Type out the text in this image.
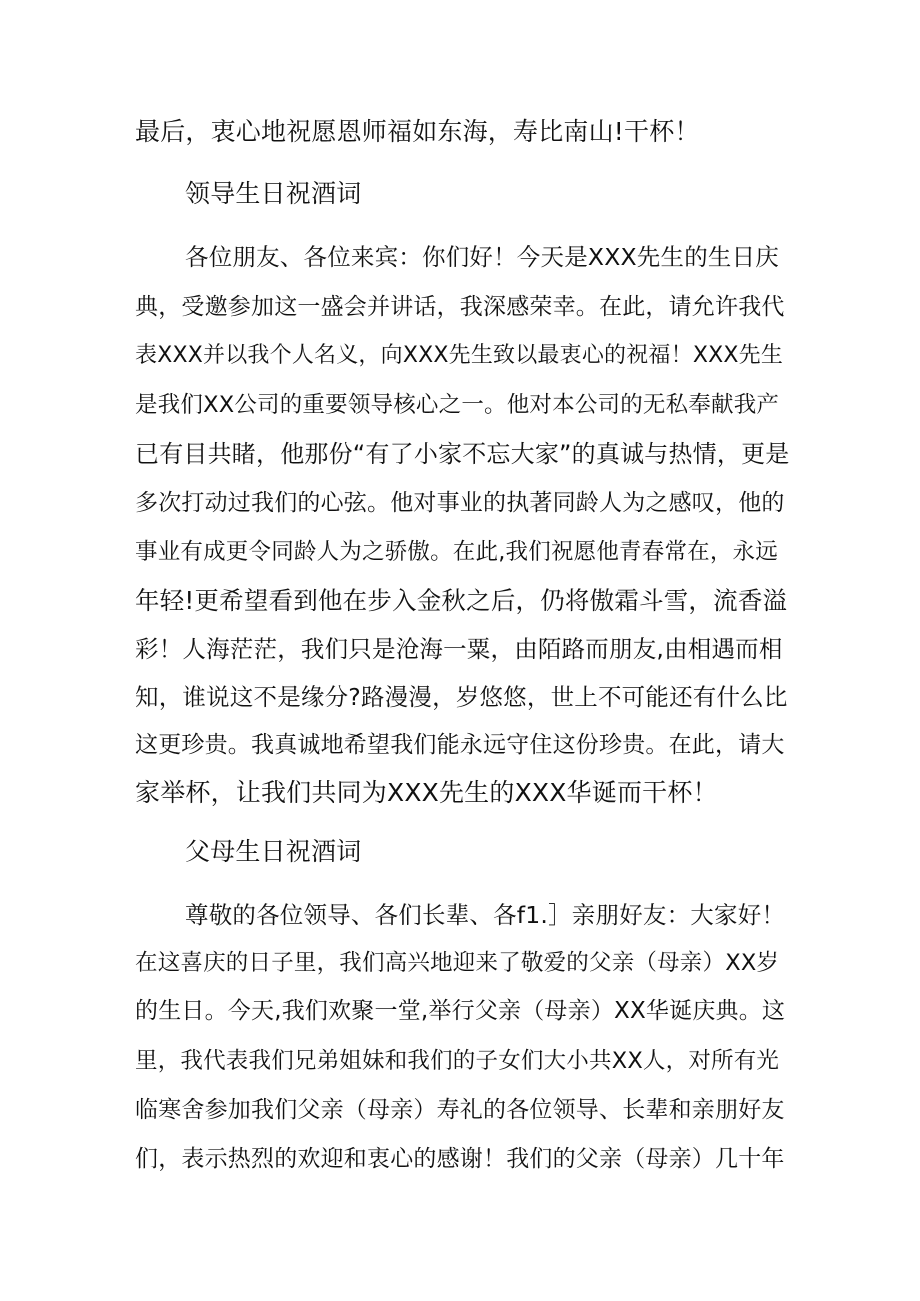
最后，衷心地祝愿恩师福如东海，寿比南山!干杯！

领导生日祝酒词

各位朋友、各位来宾：你们好！今天是XXX先生的生日庆

典，受邀参加这一盛会并讲话，我深感荣幸。在此，请允许我代

表XXX并以我个人名义，向XXX先生致以最衷心的祝福！XXX先生

是我们XX公司的重要领导核心之一。他对本公司的无私奉献我产

已有目共睹，他那份“有了小家不忘大家”的真诚与热情，更是

多次打动过我们的心弦。他对事业的执著同龄人为之感叹，他的

事业有成更令同龄人为之骄傲。在此,我们祝愿他青春常在，永远

年轻!更希望看到他在步入金秋之后，仍将傲霜斗雪，流香溢

彩！人海茫茫，我们只是沧海一粟，由陌路而朋友,由相遇而相

知，谁说这不是缘分?路漫漫，岁悠悠，世上不可能还有什么比

这更珍贵。我真诚地希望我们能永远守住这份珍贵。在此，请大

家举杯，让我们共同为XXX先生的XXX华诞而干杯！

父母生日祝酒词

尊敬的各位领导、各们长辈、各f1.］亲朋好友：大家好！

在这喜庆的日子里，我们高兴地迎来了敬爱的父亲（母亲）XX岁

的生日。今天,我们欢聚一堂,举行父亲（母亲）XX华诞庆典。这

里，我代表我们兄弟姐妹和我们的子女们大小共XX人，对所有光

临寒舍参加我们父亲（母亲）寿礼的各位领导、长辈和亲朋好友

们，表示热烈的欢迎和衷心的感谢！我们的父亲（母亲）几十年
